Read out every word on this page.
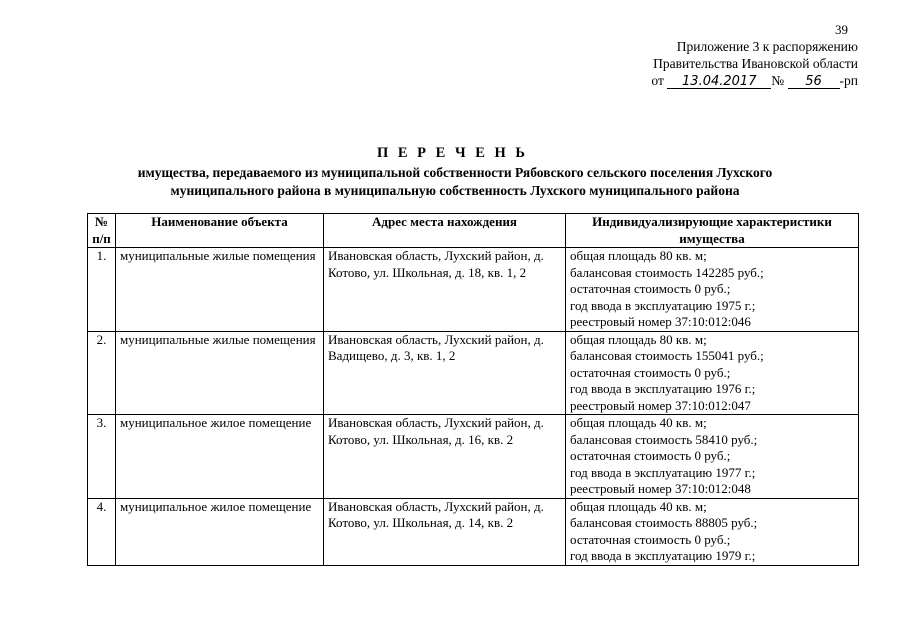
39
Приложение 3 к распоряжению
Правительства Ивановской области
от 13.04.2017 № 56 -рп
П Е Р Е Ч Е Н Ь
имущества, передаваемого из муниципальной собственности Рябовского сельского поселения Лухского муниципального района в муниципальную собственность Лухского муниципального района
№ п/п	Наименование объекта	Адрес места нахождения	Индивидуализирующие характеристики имущества
1.	муниципальные жилые помещения	Ивановская область, Лухский район, д. Котово, ул. Школьная, д. 18, кв. 1, 2	общая площадь 80 кв. м;
балансовая стоимость 142285 руб.;
остаточная стоимость 0 руб.;
год ввода в эксплуатацию 1975 г.;
реестровый номер 37:10:012:046

2.	муниципальные жилые помещения	Ивановская область, Лухский район, д. Вадищево, д. 3, кв. 1, 2	общая площадь 80 кв. м;
балансовая стоимость 155041 руб.;
остаточная стоимость 0 руб.;
год ввода в эксплуатацию 1976 г.;
реестровый номер 37:10:012:047

3.	муниципальное жилое помещение	Ивановская область, Лухский район, д. Котово, ул. Школьная, д. 16, кв. 2	общая площадь 40 кв. м;
балансовая стоимость 58410 руб.;
остаточная стоимость 0 руб.;
год ввода в эксплуатацию 1977 г.;
реестровый номер 37:10:012:048

4.	муниципальное жилое помещение	Ивановская область, Лухский район, д. Котово, ул. Школьная, д. 14, кв. 2	общая площадь 40 кв. м;
балансовая стоимость 88805 руб.;
остаточная стоимость 0 руб.;
год ввода в эксплуатацию 1979 г.;
